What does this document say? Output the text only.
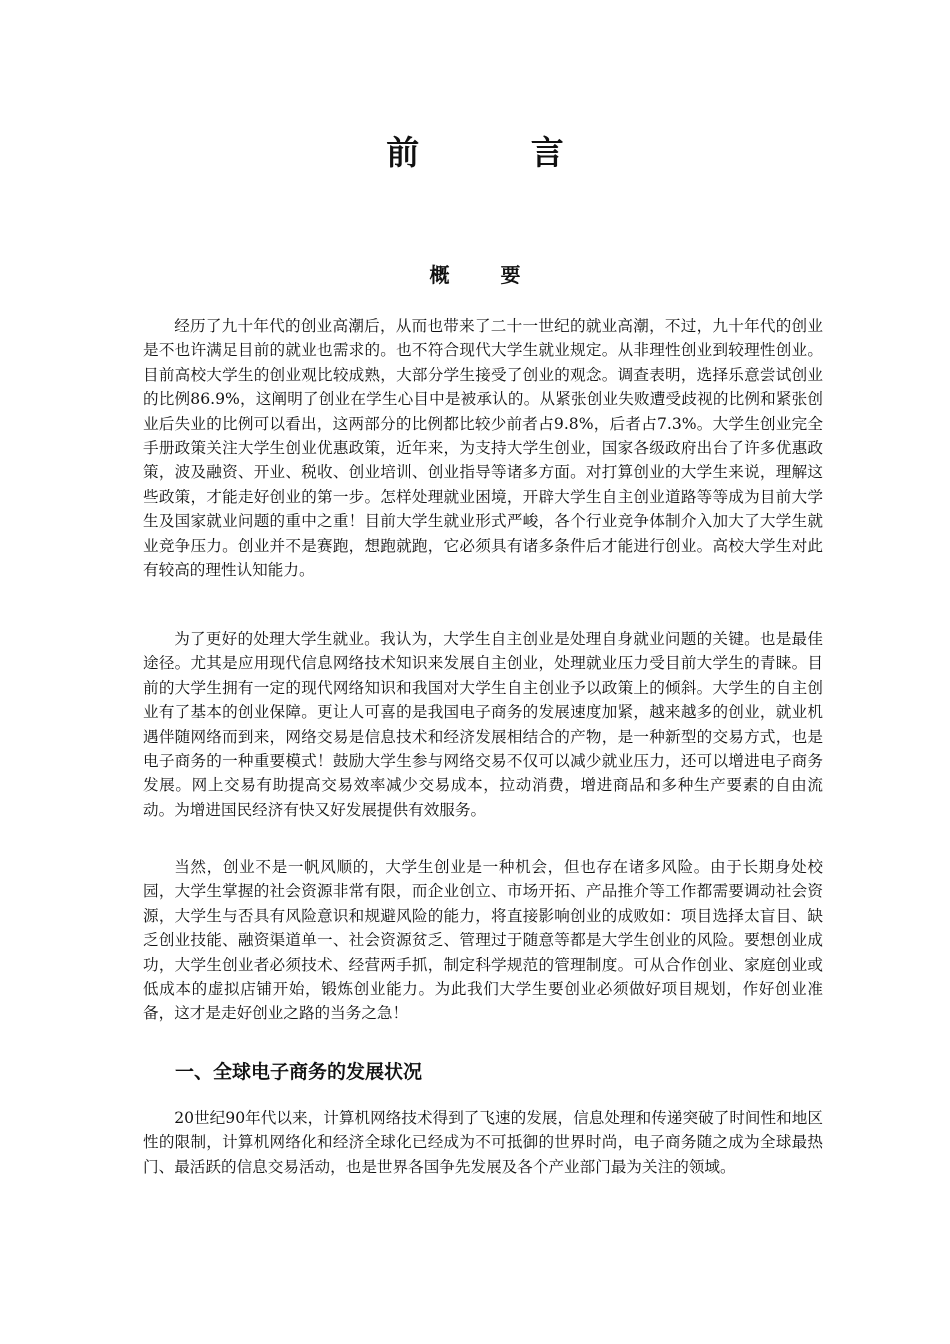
前 言
概 要

经历了九十年代的创业高潮后，从而也带来了二十一世纪的就业高潮，不过，九十年代的创业是不也许满足目前的就业也需求的。也不符合现代大学生就业规定。从非理性创业到较理性创业。目前高校大学生的创业观比较成熟，大部分学生接受了创业的观念。调查表明，选择乐意尝试创业的比例86.9%，这阐明了创业在学生心目中是被承认的。从紧张创业失败遭受歧视的比例和紧张创业后失业的比例可以看出，这两部分的比例都比较少前者占9.8%，后者占7.3%。大学生创业完全手册政策关注大学生创业优惠政策，近年来，为支持大学生创业，国家各级政府出台了许多优惠政策，波及融资、开业、税收、创业培训、创业指导等诸多方面。对打算创业的大学生来说，理解这些政策，才能走好创业的第一步。怎样处理就业困境，开辟大学生自主创业道路等等成为目前大学生及国家就业问题的重中之重！目前大学生就业形式严峻，各个行业竞争体制介入加大了大学生就业竞争压力。创业并不是赛跑，想跑就跑，它必须具有诸多条件后才能进行创业。高校大学生对此有较高的理性认知能力。

为了更好的处理大学生就业。我认为，大学生自主创业是处理自身就业问题的关键。也是最佳途径。尤其是应用现代信息网络技术知识来发展自主创业，处理就业压力受目前大学生的青睐。目前的大学生拥有一定的现代网络知识和我国对大学生自主创业予以政策上的倾斜。大学生的自主创业有了基本的创业保障。更让人可喜的是我国电子商务的发展速度加紧，越来越多的创业，就业机遇伴随网络而到来，网络交易是信息技术和经济发展相结合的产物，是一种新型的交易方式，也是电子商务的一种重要模式！鼓励大学生参与网络交易不仅可以减少就业压力，还可以增进电子商务发展。网上交易有助提高交易效率减少交易成本，拉动消费，增进商品和多种生产要素的自由流动。为增进国民经济有快又好发展提供有效服务。

当然，创业不是一帆风顺的，大学生创业是一种机会，但也存在诸多风险。由于长期身处校园，大学生掌握的社会资源非常有限，而企业创立、市场开拓、产品推介等工作都需要调动社会资源，大学生与否具有风险意识和规避风险的能力，将直接影响创业的成败如：项目选择太盲目、缺乏创业技能、融资渠道单一、社会资源贫乏、管理过于随意等都是大学生创业的风险。要想创业成功，大学生创业者必须技术、经营两手抓，制定科学规范的管理制度。可从合作创业、家庭创业或低成本的虚拟店铺开始，锻炼创业能力。为此我们大学生要创业必须做好项目规划，作好创业准备，这才是走好创业之路的当务之急！

一、全球电子商务的发展状况

20世纪90年代以来，计算机网络技术得到了飞速的发展，信息处理和传递突破了时间性和地区性的限制，计算机网络化和经济全球化已经成为不可抵御的世界时尚，电子商务随之成为全球最热门、最活跃的信息交易活动，也是世界各国争先发展及各个产业部门最为关注的领域。
